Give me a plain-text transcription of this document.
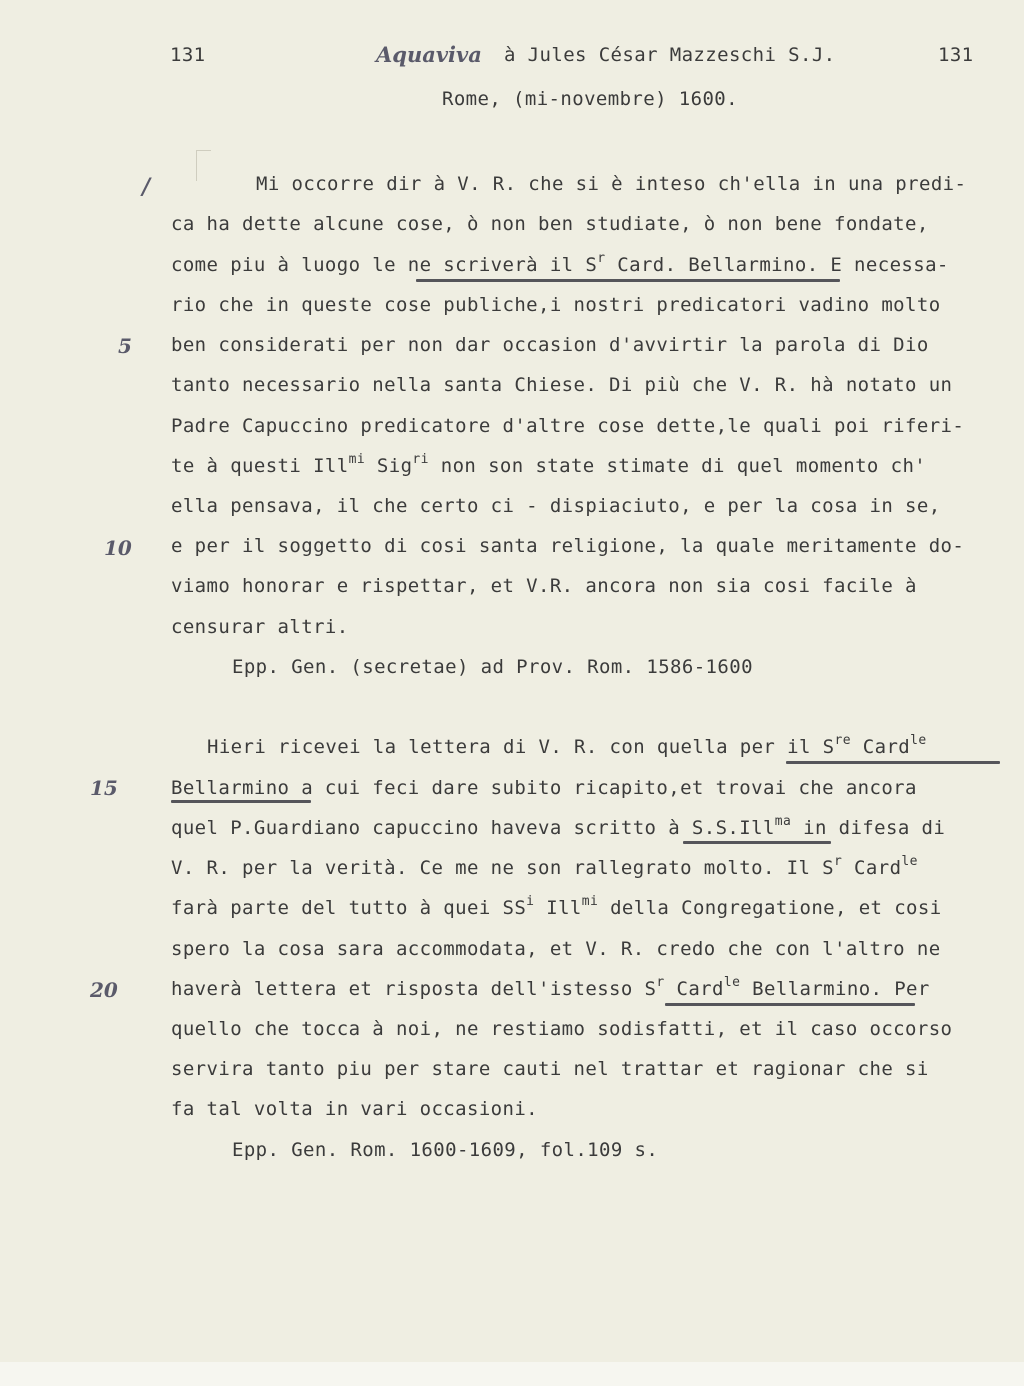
131	Aquaviva à Jules César Mazzeschi S.J.	131
Rome, (mi-novembre) 1600.
/
5
10
15
20
Mi occorre dir à V. R. che si è inteso ch'ella in una predi-
ca ha dette alcune cose, ò non ben studiate, ò non bene fondate,
come piu à luogo le ne scriverà il $S^r$ Card. Bellarmino. E necessa-
rio che in queste cose publiche,i nostri predicatori vadino molto
ben considerati per non dar occasion d'avvirtir la parola di Dio
tanto necessario nella santa Chiese. Di più che V. R. hà notato un
Padre Capuccino predicatore d'altre cose dette,le quali poi riferi-
te à questi Ill$^{mi}$ Sig$^{ri}$ non son state stimate di quel momento ch'
ella pensava, il che certo ci - dispiaciuto, e per la cosa in se,
e per il soggetto di cosi santa religione, la quale meritamente do-
viamo honorar e rispettar, et V.R. ancora non sia cosi facile à
censurar altri.
Epp. Gen. (secretae) ad Prov. Rom. 1586-1600
Hieri ricevei la lettera di V. R. con quella per il $S^{re}$ Card$^{le}$
Bellarmino a cui feci dare subito ricapito,et trovai che ancora
quel P.Guardiano capuccino haveva scritto à S.S.Ill$^{ma}$ in difesa di
V. R. per la verità. Ce me ne son rallegrato molto. Il $S^r$ Card$^{le}$
farà parte del tutto à quei $SS^i$ Ill$^{mi}$ della Congregatione, et cosi
spero la cosa sara accommodata, et V. R. credo che con l'altro ne
haverà lettera et risposta dell'istesso $S^r$ Card$^{le}$ Bellarmino. Per
quello che tocca à noi, ne restiamo sodisfatti, et il caso occorso
servira tanto piu per stare cauti nel trattar et ragionar che si
fa tal volta in vari occasioni.
Epp. Gen. Rom. 1600-1609, fol.109 s.
